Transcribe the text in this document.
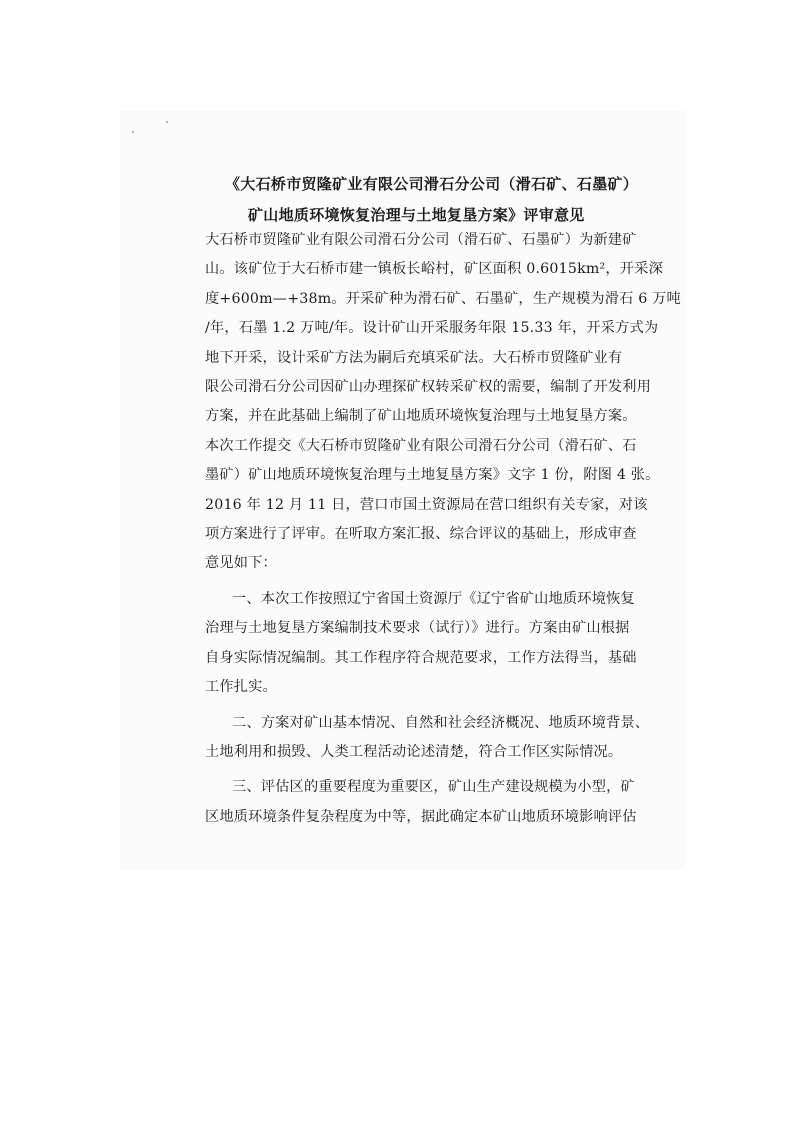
《大石桥市贸隆矿业有限公司滑石分公司（滑石矿、石墨矿）
矿山地质环境恢复治理与土地复垦方案》评审意见

大石桥市贸隆矿业有限公司滑石分公司（滑石矿、石墨矿）为新建矿
山。该矿位于大石桥市建一镇板长峪村，矿区面积 0.6015km²，开采深
度+600m—+38m。开采矿种为滑石矿、石墨矿，生产规模为滑石 6 万吨
/年，石墨 1.2 万吨/年。设计矿山开采服务年限 15.33 年，开采方式为
地下开采，设计采矿方法为嗣后充填采矿法。大石桥市贸隆矿业有
限公司滑石分公司因矿山办理探矿权转采矿权的需要，编制了开发利用
方案，并在此基础上编制了矿山地质环境恢复治理与土地复垦方案。
本次工作提交《大石桥市贸隆矿业有限公司滑石分公司（滑石矿、石
墨矿）矿山地质环境恢复治理与土地复垦方案》文字 1 份，附图 4 张。
2016 年 12 月 11 日，营口市国土资源局在营口组织有关专家，对该
项方案进行了评审。在听取方案汇报、综合评议的基础上，形成审查
意见如下：

一、本次工作按照辽宁省国土资源厅《辽宁省矿山地质环境恢复
治理与土地复垦方案编制技术要求（试行）》进行。方案由矿山根据
自身实际情况编制。其工作程序符合规范要求，工作方法得当，基础
工作扎实。

二、方案对矿山基本情况、自然和社会经济概况、地质环境背景、
土地利用和损毁、人类工程活动论述清楚，符合工作区实际情况。

三、评估区的重要程度为重要区，矿山生产建设规模为小型，矿
区地质环境条件复杂程度为中等，据此确定本矿山地质环境影响评估
